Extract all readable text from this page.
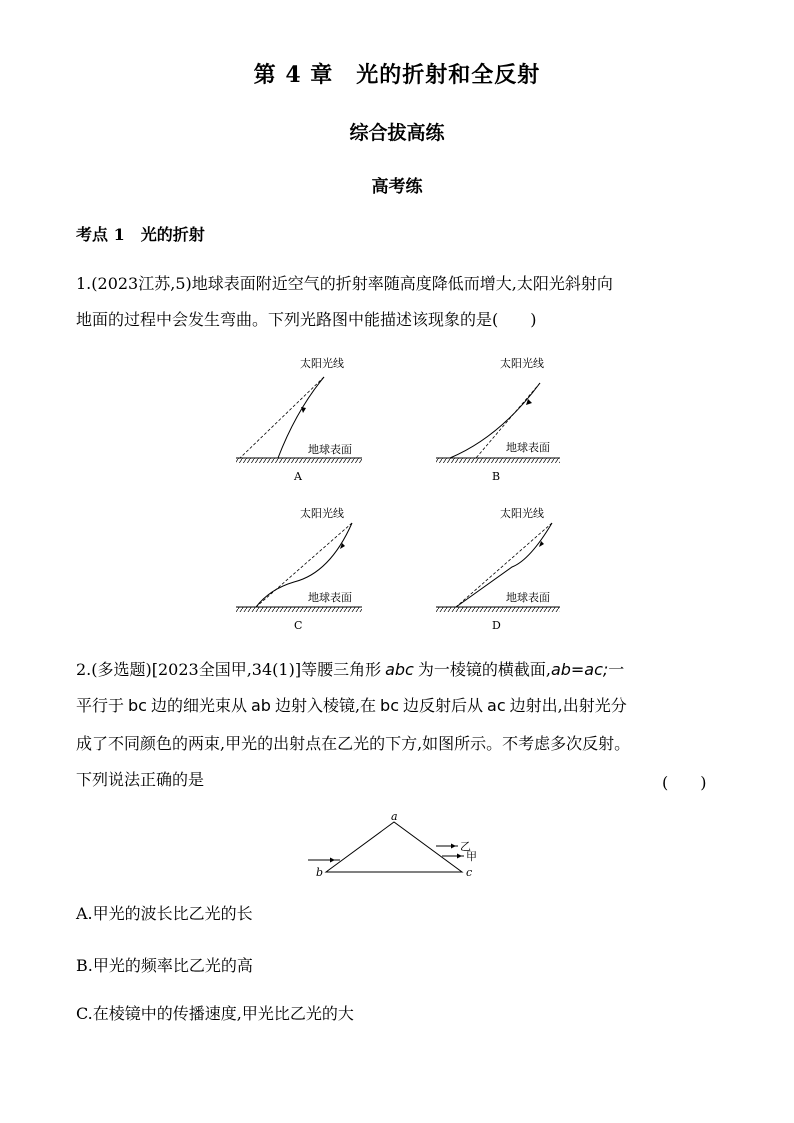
第 4 章　光的折射和全反射
综合拔高练
高考练
考点 1　光的折射
1.(2023江苏,5)地球表面附近空气的折射率随高度降低而增大,太阳光斜射向
地面的过程中会发生弯曲。下列光路图中能描述该现象的是(　　)
太阳光线
地球表面
A
太阳光线
地球表面
B
太阳光线
地球表面
C
太阳光线
地球表面
D
2.(多选题)[2023全国甲,34(1)]等腰三角形 abc 为一棱镜的横截面,ab=ac;一
平行于 bc 边的细光束从 ab 边射入棱镜,在 bc 边反射后从 ac 边射出,出射光分
成了不同颜色的两束,甲光的出射点在乙光的下方,如图所示。不考虑多次反射。
下列说法正确的是	(　　)
a
b	c
乙
甲
A.甲光的波长比乙光的长
B.甲光的频率比乙光的高
C.在棱镜中的传播速度,甲光比乙光的大
